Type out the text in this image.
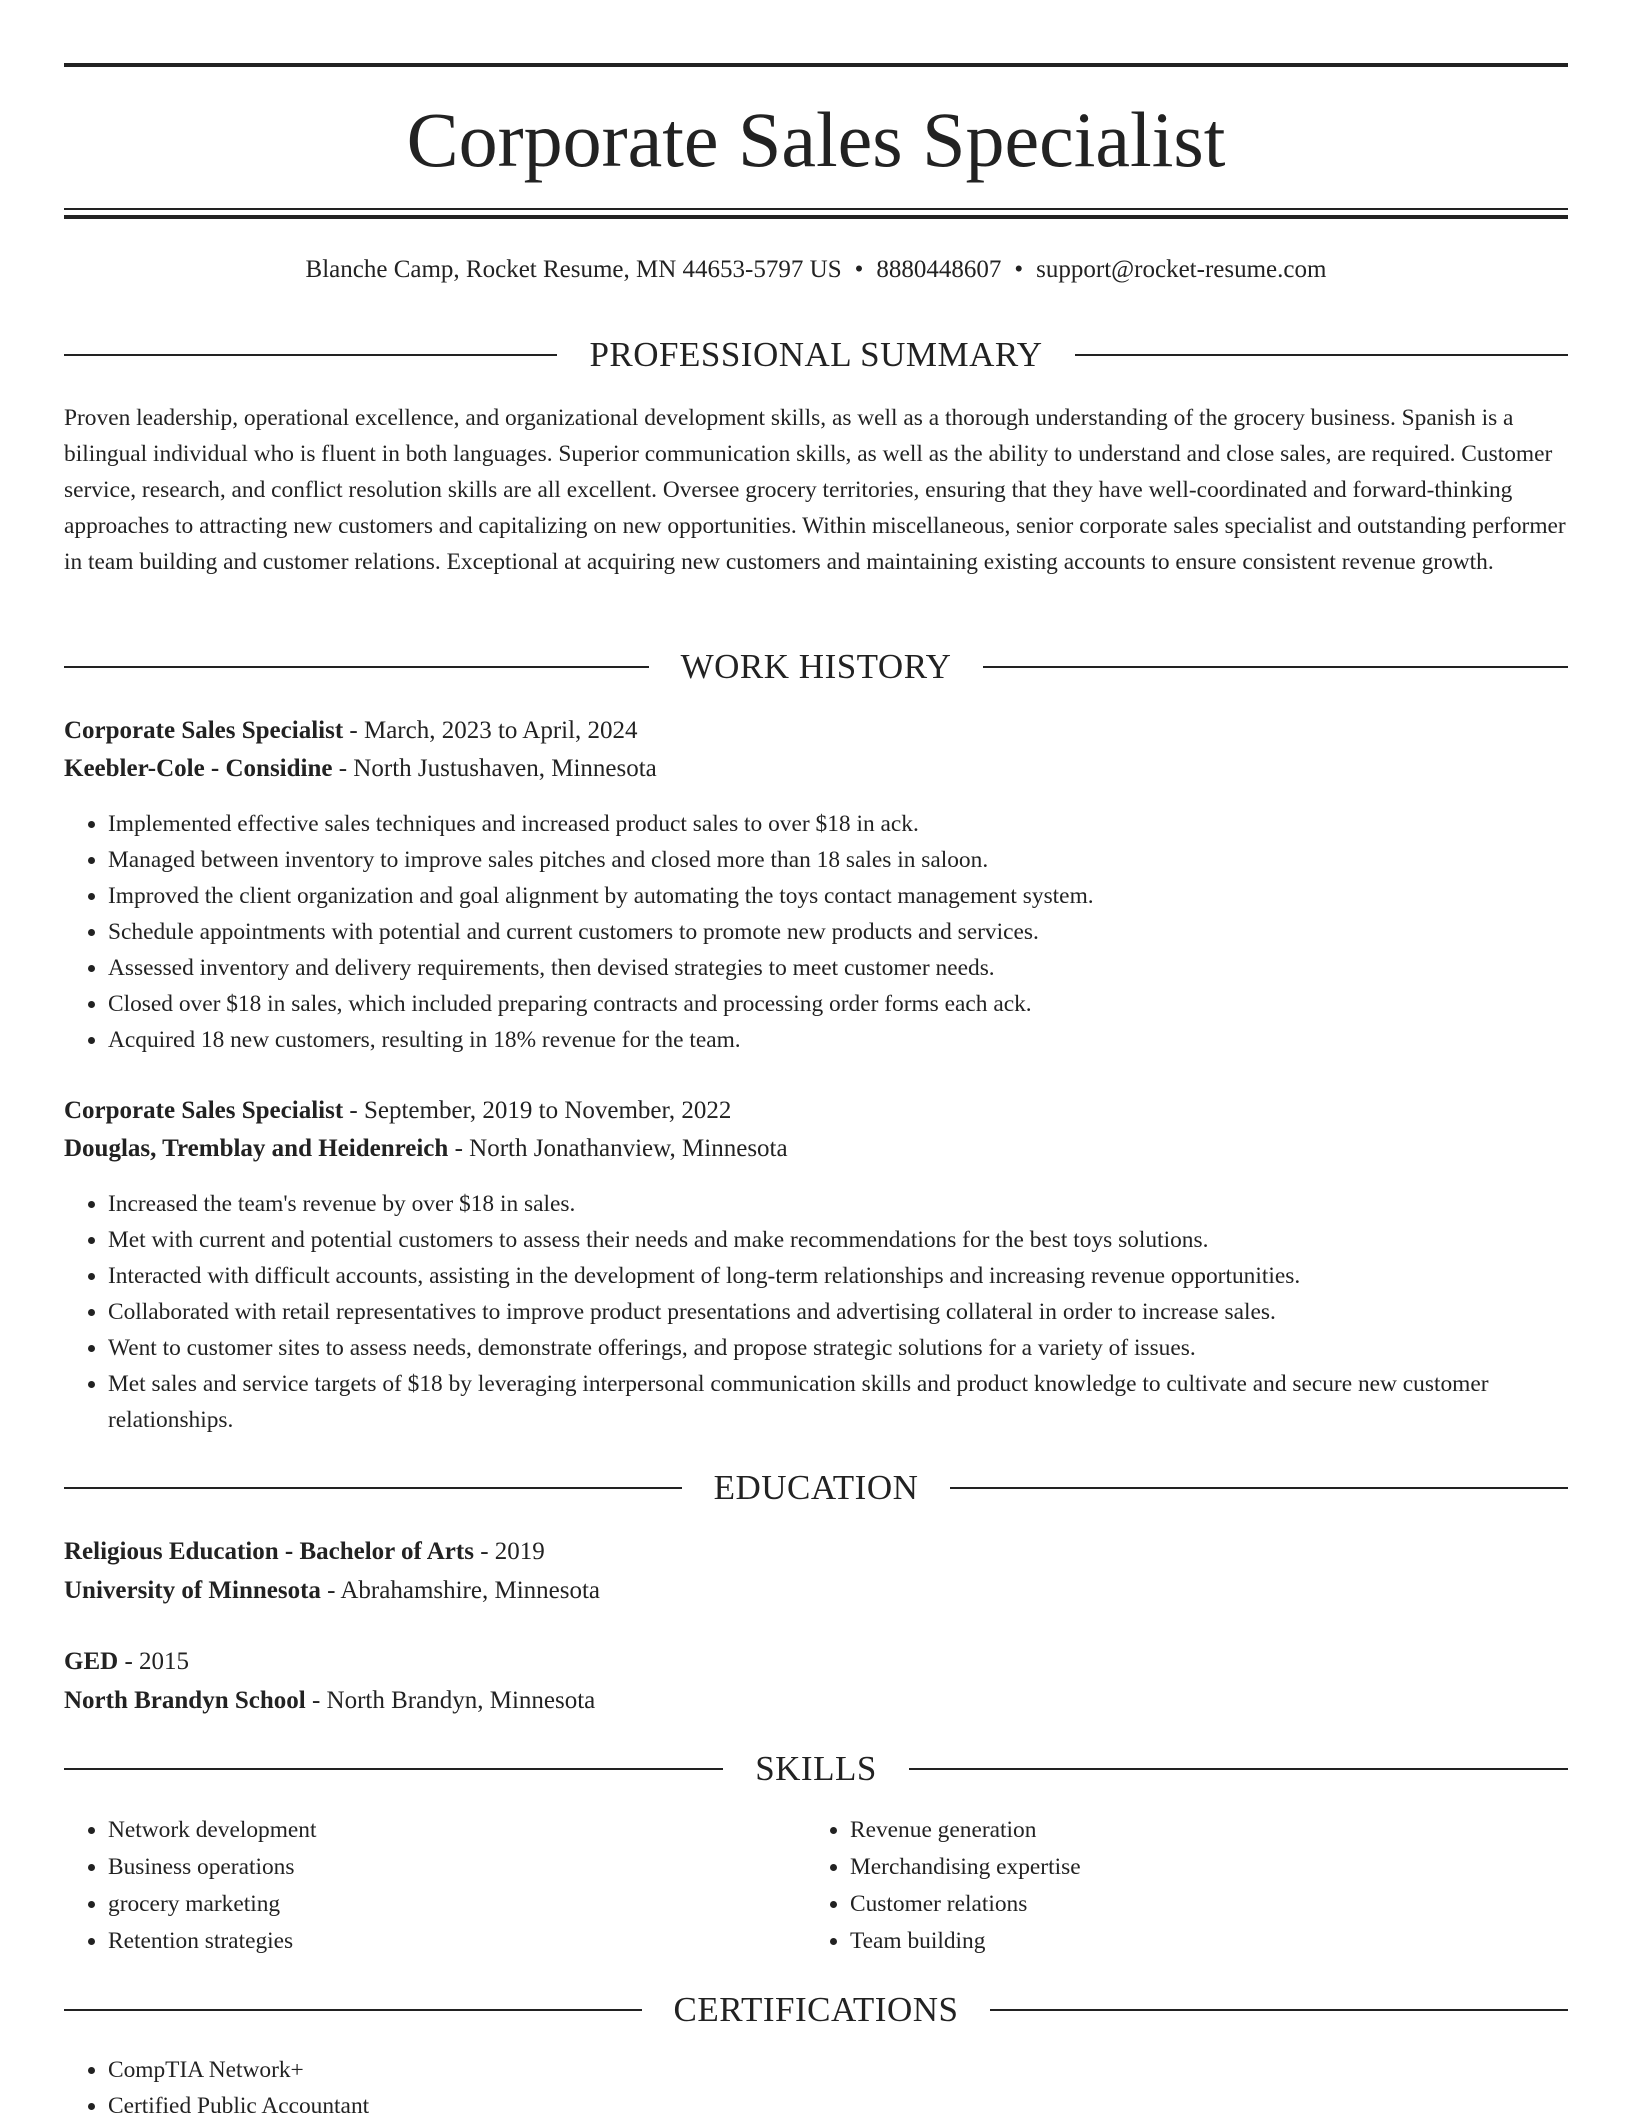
Corporate Sales Specialist
Blanche Camp, Rocket Resume, MN 44653-5797 US • 8880448607 • support@rocket-resume.com
PROFESSIONAL SUMMARY

Proven leadership, operational excellence, and organizational development skills, as well as a thorough understanding of the grocery business. Spanish is a bilingual individual who is fluent in both languages. Superior communication skills, as well as the ability to understand and close sales, are required. Customer service, research, and conflict resolution skills are all excellent. Oversee grocery territories, ensuring that they have well-coordinated and forward-thinking approaches to attracting new customers and capitalizing on new opportunities. Within miscellaneous, senior corporate sales specialist and outstanding performer in team building and customer relations. Exceptional at acquiring new customers and maintaining existing accounts to ensure consistent revenue growth.

WORK HISTORY
Corporate Sales Specialist - March, 2023 to April, 2024
Keebler-Cole - Considine - North Justushaven, Minnesota
• Implemented effective sales techniques and increased product sales to over $18 in ack.
• Managed between inventory to improve sales pitches and closed more than 18 sales in saloon.
• Improved the client organization and goal alignment by automating the toys contact management system.
• Schedule appointments with potential and current customers to promote new products and services.
• Assessed inventory and delivery requirements, then devised strategies to meet customer needs.
• Closed over $18 in sales, which included preparing contracts and processing order forms each ack.
• Acquired 18 new customers, resulting in 18% revenue for the team.
Corporate Sales Specialist - September, 2019 to November, 2022
Douglas, Tremblay and Heidenreich - North Jonathanview, Minnesota
• Increased the team's revenue by over $18 in sales.
• Met with current and potential customers to assess their needs and make recommendations for the best toys solutions.
• Interacted with difficult accounts, assisting in the development of long-term relationships and increasing revenue opportunities.
• Collaborated with retail representatives to improve product presentations and advertising collateral in order to increase sales.
• Went to customer sites to assess needs, demonstrate offerings, and propose strategic solutions for a variety of issues.
• Met sales and service targets of $18 by leveraging interpersonal communication skills and product knowledge to cultivate and secure new customer relationships.
EDUCATION
Religious Education - Bachelor of Arts - 2019
University of Minnesota - Abrahamshire, Minnesota
GED - 2015
North Brandyn School - North Brandyn, Minnesota
SKILLS
• Network development
• Business operations
• grocery marketing
• Retention strategies
• Revenue generation
• Merchandising expertise
• Customer relations
• Team building
CERTIFICATIONS
• CompTIA Network+
• Certified Public Accountant
